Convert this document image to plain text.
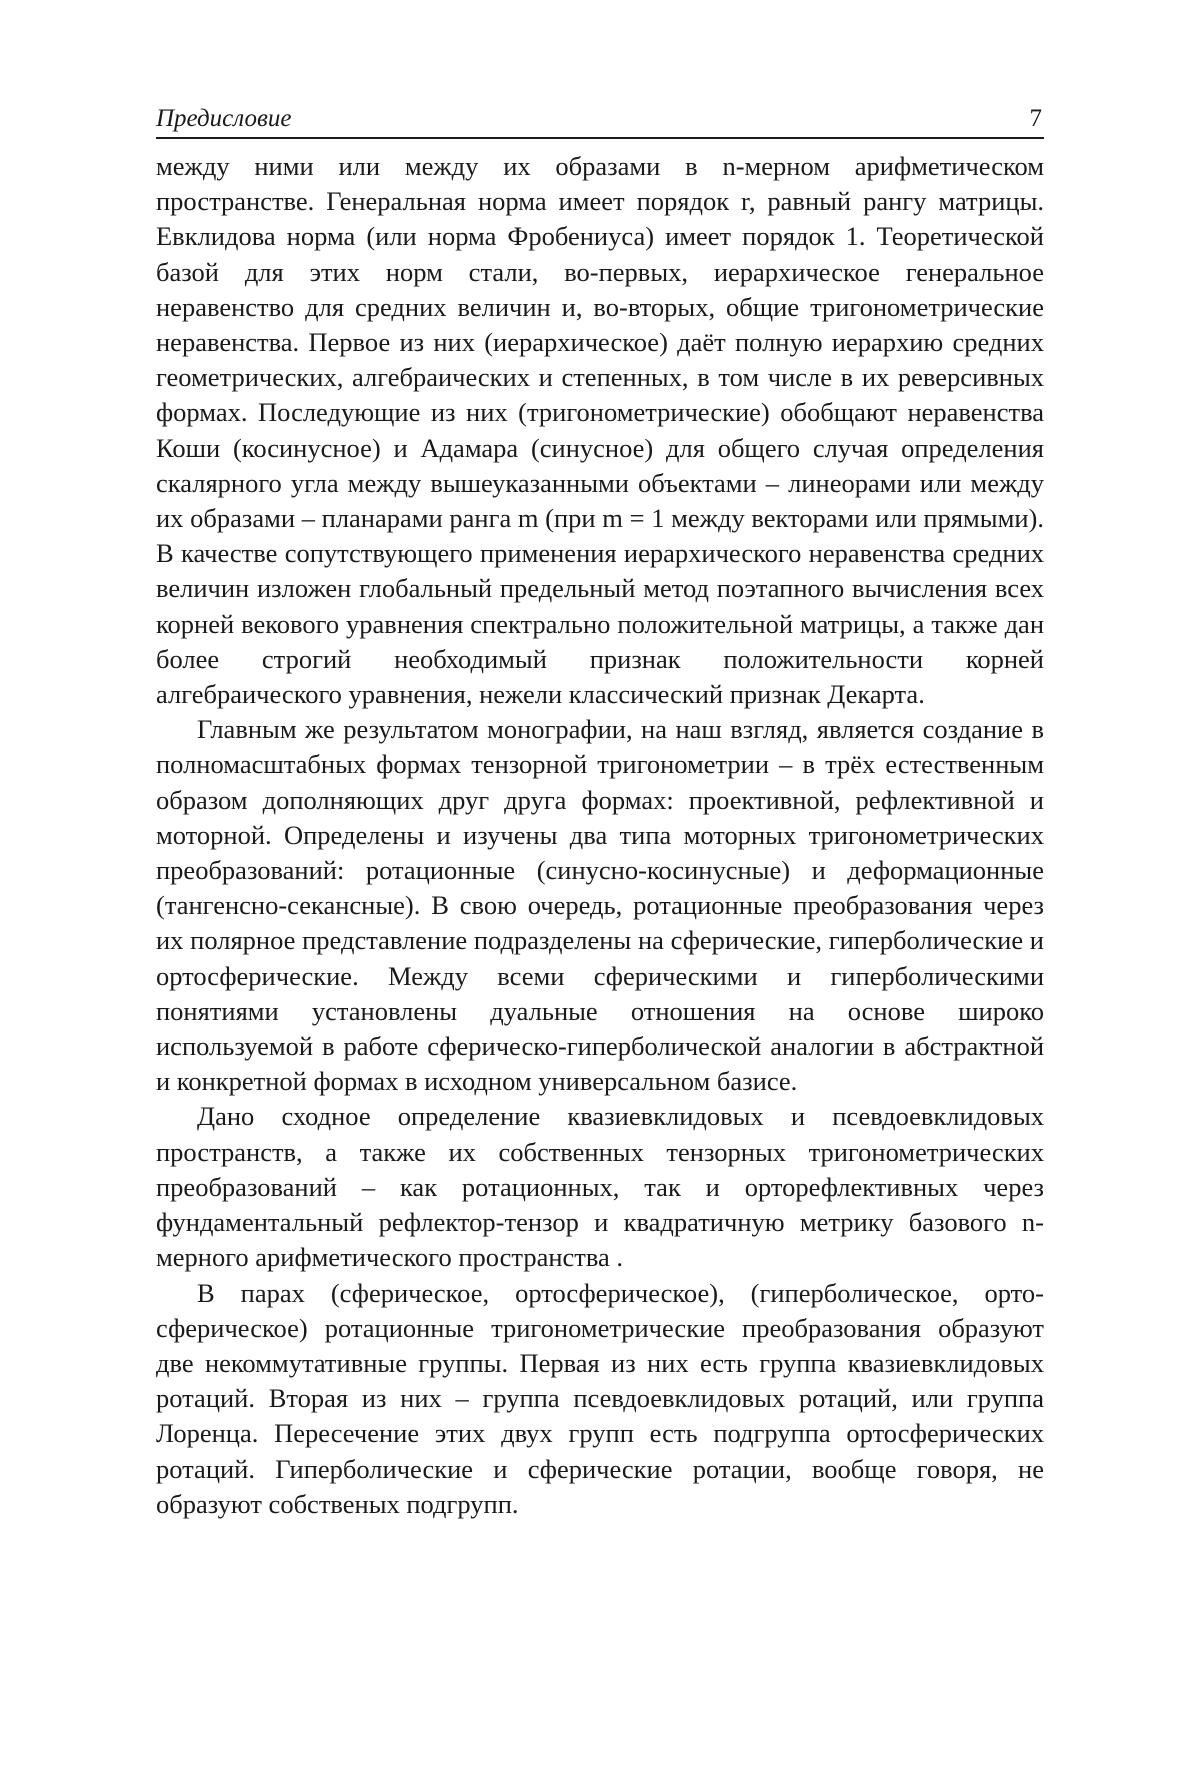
Предисловие	7

между ними или между их образами в n-мерном арифметическом пространстве. Генеральная норма имеет порядок r, равный рангу матрицы. Евклидова норма (или норма Фробениуса) имеет порядок 1. Теоретической базой для этих норм стали, во-первых, иерархическое генеральное неравенство для средних величин и, во-вторых, общие тригонометрические неравенства. Первое из них (иерархическое) даёт полную иерархию средних геометрических, алгебраических и степенных, в том числе в их реверсивных формах. Последующие из них (тригонометрические) обобщают неравенства Коши (косинусное) и Адамара (синусное) для общего случая определения скалярного угла между вышеуказанными объектами – линеорами или между их образами – планарами ранга m (при m = 1 между векторами или прямыми). В качестве сопутствующего применения иерархического неравенства средних величин изложен глобальный предельный метод поэтапного вычисления всех корней векового уравнения спектрально положительной матрицы, а также дан более строгий необходимый признак положительности корней алгебраического уравнения, нежели классический признак Декарта.

Главным же результатом монографии, на наш взгляд, является создание в полномасштабных формах тензорной тригонометрии – в трёх естественным образом дополняющих друг друга формах: проективной, рефлективной и моторной. Определены и изучены два типа моторных тригонометрических преобразований: ротационные (синусно-косинусные) и деформационные (тангенсно-секансные). В свою очередь, ротационные преобразования через их полярное представление подразделены на сферические, гиперболические и ортосферические. Между всеми сферическими и гиперболическими понятиями установлены дуальные отношения на основе широко используемой в работе сферическо-гиперболической аналогии в абстрактной и конкретной формах в исходном универсальном базисе.

Дано сходное определение квазиевклидовых и псевдоевклидовых пространств, а также их собственных тензорных тригонометрических преобразований – как ротационных, так и орторефлективных через фундаментальный рефлектор-тензор и квадратичную метрику базового n-мерного арифметического пространства .

В парах (сферическое, ортосферическое), (гиперболическое, ортосферическое) ротационные тригонометрические преобразования образуют две некоммутативные группы. Первая из них есть группа квазиевклидовых ротаций. Вторая из них – группа псевдоевклидовых ротаций, или группа Лоренца. Пересечение этих двух групп есть подгруппа ортосферических ротаций. Гиперболические и сферические ротации, вообще говоря, не образуют собственых подгрупп.
